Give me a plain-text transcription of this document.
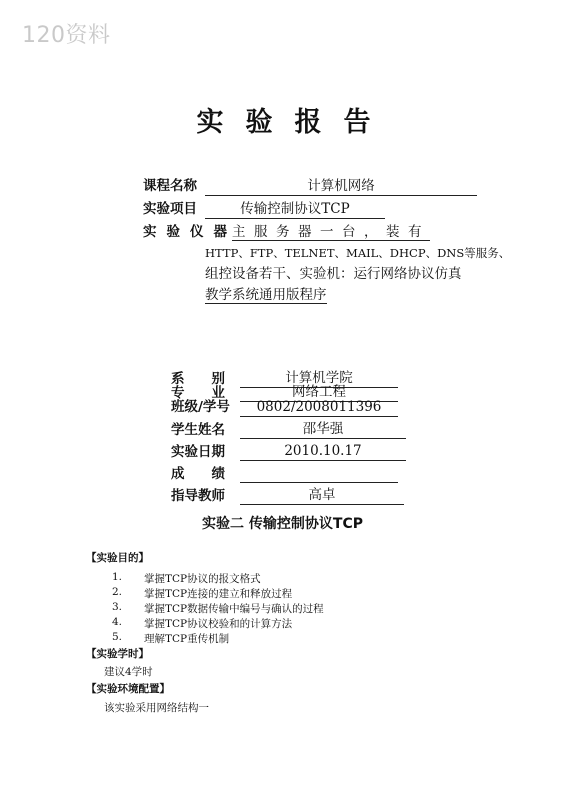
120资料
实验报告
课程名称	计算机网络
实验项目	传输控制协议TCP
实验仪器
主服务器一台，装有
HTTP、FTP、TELNET、MAIL、DHCP、DNS等服务、
组控设备若干、实验机：运行网络协议仿真
教学系统通用版程序　
系　　别	计算机学院
专　　业	网络工程
班级/学号	0802/2008011396
学生姓名	邵华强
实验日期	2010.10.17
成　　绩
指导教师	高卓
实验二 传输控制协议TCP
【实验目的】
1. 掌握TCP协议的报文格式
2. 掌握TCP连接的建立和释放过程
3. 掌握TCP数据传输中编号与确认的过程
4. 掌握TCP协议校验和的计算方法
5. 理解TCP重传机制
【实验学时】
建议4学时
【实验环境配置】
该实验采用网络结构一
